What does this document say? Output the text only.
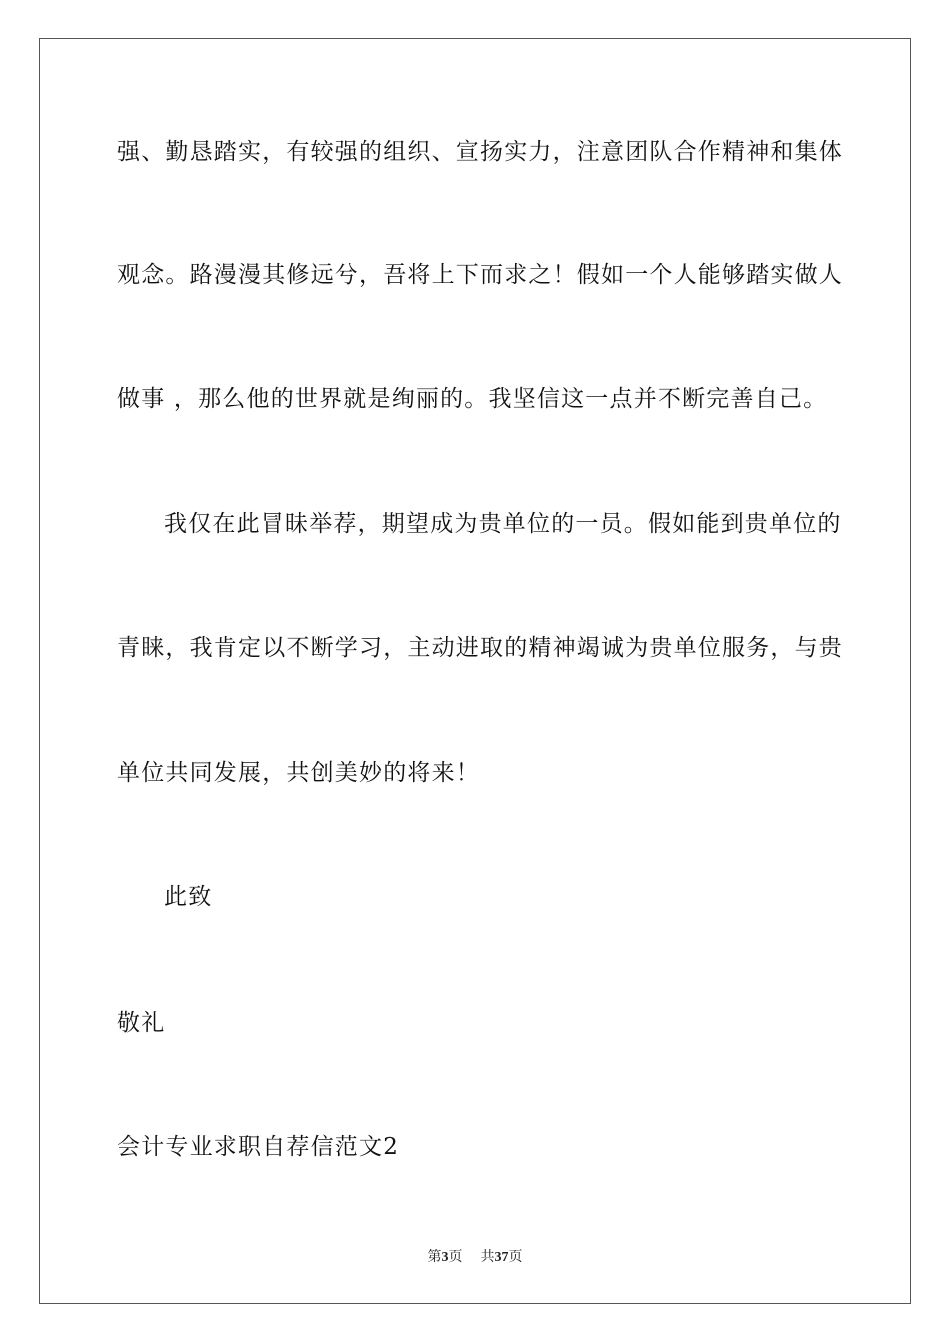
强、勤恳踏实，有较强的组织、宣扬实力，注意团队合作精神和集体
观念。路漫漫其修远兮，吾将上下而求之！假如一个人能够踏实做人
做事 ，那么他的世界就是绚丽的。我坚信这一点并不断完善自己。
我仅在此冒昧举荐，期望成为贵单位的一员。假如能到贵单位的
青睐，我肯定以不断学习，主动进取的精神竭诚为贵单位服务，与贵
单位共同发展，共创美妙的将来！
此致
敬礼
会计专业求职自荐信范文2
第3页 共37页
